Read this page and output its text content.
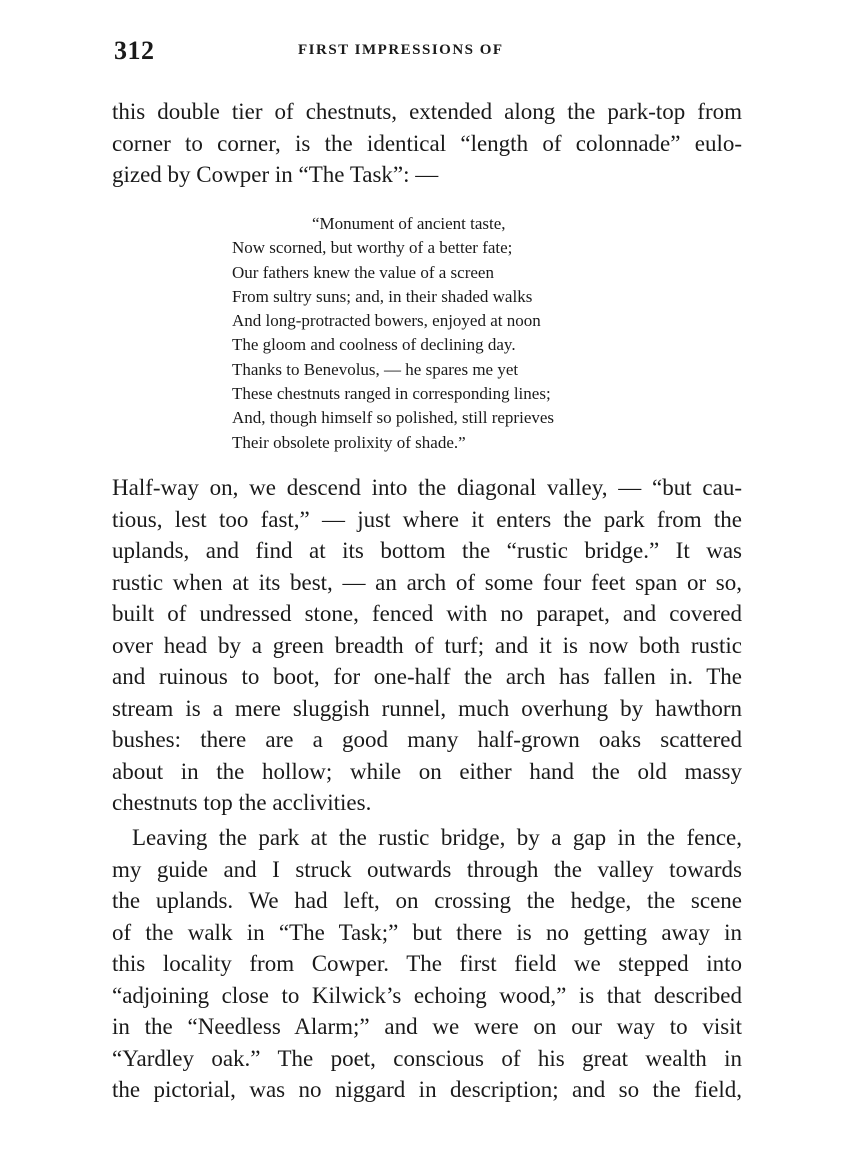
312	FIRST IMPRESSIONS OF
this double tier of chestnuts, extended along the park-top from
corner to corner, is the identical “length of colonnade” eulo-
gized by Cowper in “The Task”: —
“Monument of ancient taste,
Now scorned, but worthy of a better fate;
Our fathers knew the value of a screen
From sultry suns; and, in their shaded walks
And long-protracted bowers, enjoyed at noon
The gloom and coolness of declining day.
Thanks to Benevolus, — he spares me yet
These chestnuts ranged in corresponding lines;
And, though himself so polished, still reprieves
Their obsolete prolixity of shade.”
Half-way on, we descend into the diagonal valley, — “but cau-
tious, lest too fast,” — just where it enters the park from the
uplands, and find at its bottom the “rustic bridge.” It was
rustic when at its best, — an arch of some four feet span or so,
built of undressed stone, fenced with no parapet, and covered
over head by a green breadth of turf; and it is now both rustic
and ruinous to boot, for one-half the arch has fallen in. The
stream is a mere sluggish runnel, much overhung by hawthorn
bushes: there are a good many half-grown oaks scattered
about in the hollow; while on either hand the old massy
chestnuts top the acclivities.
Leaving the park at the rustic bridge, by a gap in the fence,
my guide and I struck outwards through the valley towards
the uplands. We had left, on crossing the hedge, the scene
of the walk in “The Task;” but there is no getting away in
this locality from Cowper. The first field we stepped into
“adjoining close to Kilwick’s echoing wood,” is that described
in the “Needless Alarm;” and we were on our way to visit
“Yardley oak.” The poet, conscious of his great wealth in
the pictorial, was no niggard in description; and so the field,
